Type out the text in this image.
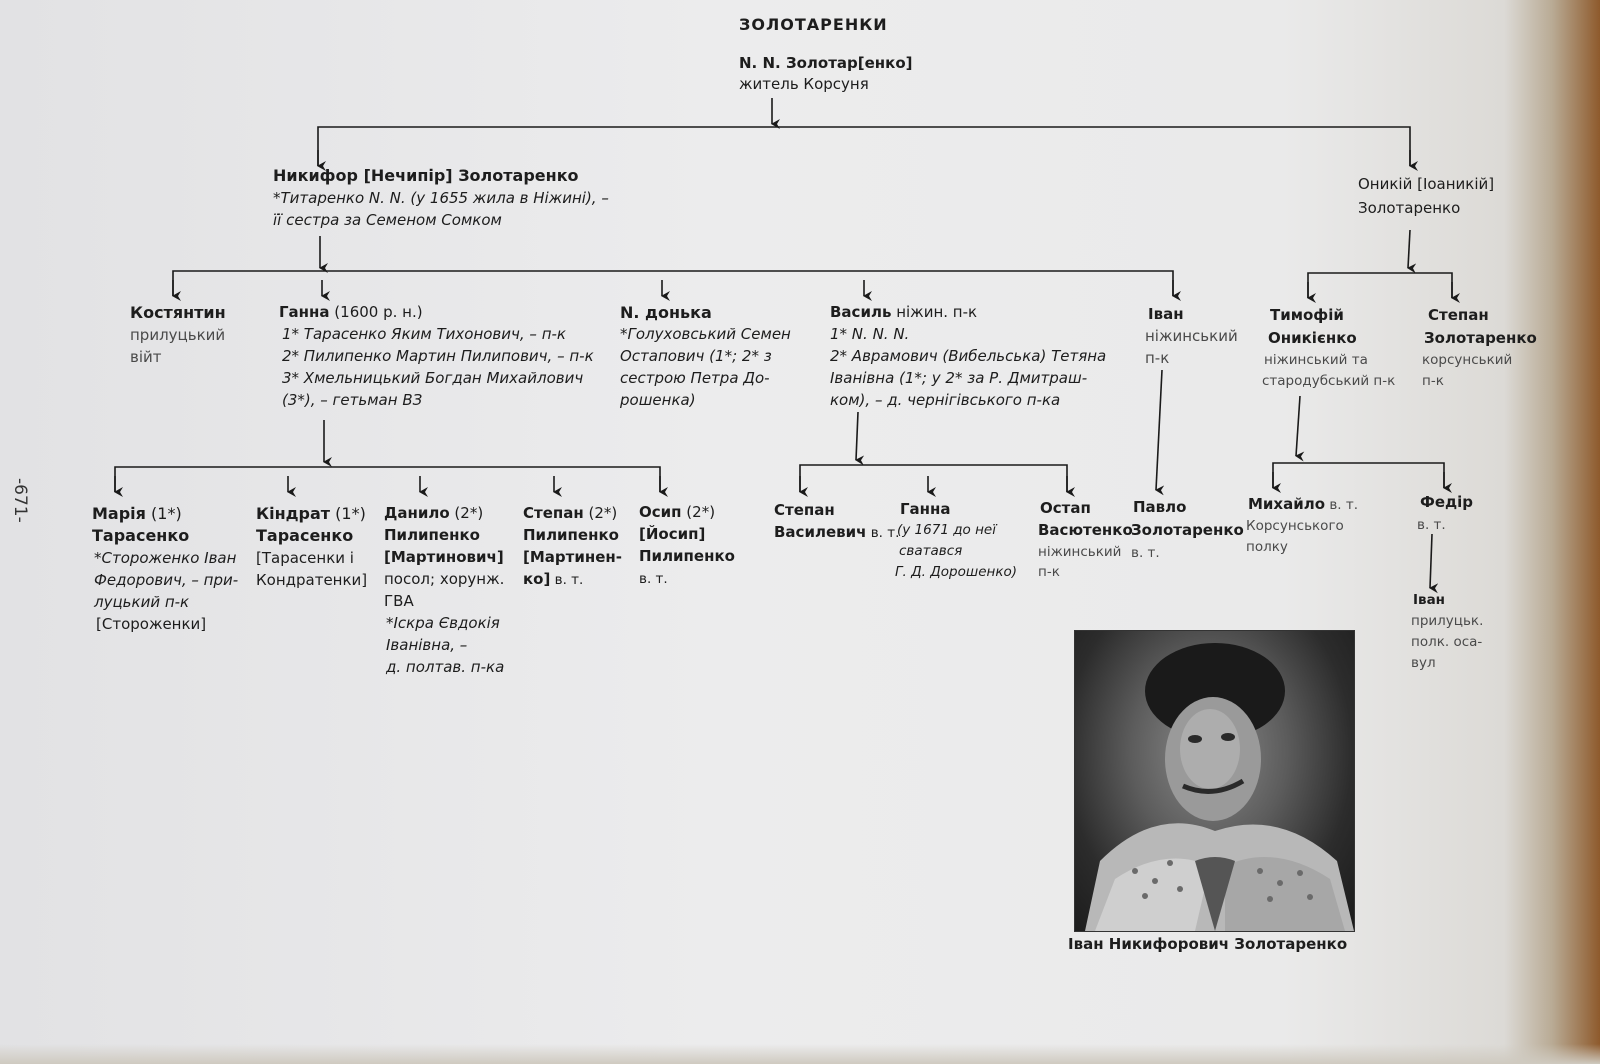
-671-
ЗОЛОТАРЕНКИ
N. N. Золотар[енко]
житель Корсуня
Никифор [Нечипір] Золотаренко
*Титаренко N. N. (у 1655 жила в Ніжині), –
її сестра за Семеном Сомком
Оникій [Іоаникій]
Золотаренко
Костянтин
прилуцький
війт
Ганна (1600 р. н.)
1* Тарасенко Яким Тихонович, – п-к
2* Пилипенко Мартин Пилипович, – п-к
3* Хмельницький Богдан Михайлович
(3*), – гетьман ВЗ
N. донька
*Голуховський Семен
Остапович (1*; 2* з
сестрою Петра До-
рошенка)
Василь ніжин. п-к
1* N. N. N.
2* Аврамович (Вибельська) Тетяна
Іванівна (1*; у 2* за Р. Дмитраш-
ком), – д. чернігівського п-ка
Іван
ніжинський
п-к
Тимофій
Оникієнко
ніжинський та
стародубський п-к
Степан
Золотаренко
корсунський
п-к
Марія (1*)
Тарасенко
*Стороженко Іван
Федорович, – при-
луцький п-к
[Стороженки]
Кіндрат (1*)
Тарасенко
[Тарасенки і
Кондратенки]
Данило (2*)
Пилипенко
[Мартинович]
посол; хорунж.
ГВА
*Іскра Євдокія
Іванівна, –
д. полтав. п-ка
Степан (2*)
Пилипенко
[Мартинен-
ко] в. т.
Осип (2*)
[Йосип]
Пилипенко
в. т.
Степан
Василевич в. т.
Ганна
(у 1671 до неї
сватався
Г. Д. Дорошенко)
Остап
Васютенко
ніжинський
п-к
Павло
Золотаренко
в. т.
Михайло в. т.
Корсунського
полку
Федір
в. т.
Іван
прилуцьк.
полк. оса-
вул
Іван Никифорович Золотаренко
